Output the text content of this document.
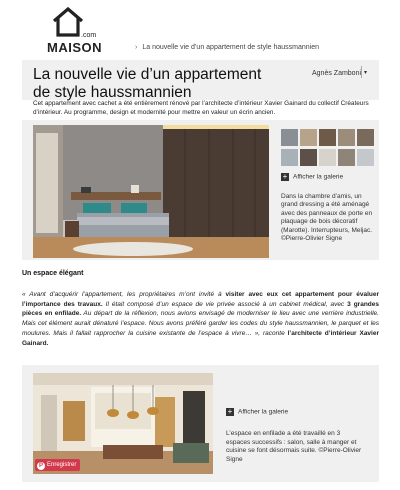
.com
MAISON	› La nouvelle vie d’un appartement de style haussmannien
La nouvelle vie d’un appartement de style haussmannien
Agnès Zamboni ▾

Cet appartement avec cachet a été entièrement rénové par l’architecte d’intérieur Xavier Gainard du collectif Créateurs d’intérieur. Au programme, design et modernité pour mettre en valeur un écrin ancien.

+ Afficher la galerie

Dans la chambre d’amis, un grand dressing a été aménagé avec des panneaux de porte en plaquage de bois décoratif (Marotte). Interrupteurs, Meljac. ©Pierre-Olivier Signe

Un espace élégant

« Avant d’acquérir l’appartement, les propriétaires m’ont invité à visiter avec eux cet appartement pour évaluer l’importance des travaux. Il était composé d’un espace de vie privée associé à un cabinet médical, avec 3 grandes pièces en enfilade. Au départ de la réflexion, nous avions envisagé de moderniser le lieu avec une verrière industrielle. Mais cet élément aurait dénaturé l’espace. Nous avons préféré garder les codes du style haussmannien, le parquet et les moulures. Mais il fallait rapprocher la cuisine existante de l’espace à vivre… », raconte l’architecte d’intérieur Xavier Gainard.

P Enregistrer
+ Afficher la galerie

L’espace en enfilade a été travaillé en 3 espaces successifs : salon, salle à manger et cuisine se font désormais suite. ©Pierre-Olivier Signe
